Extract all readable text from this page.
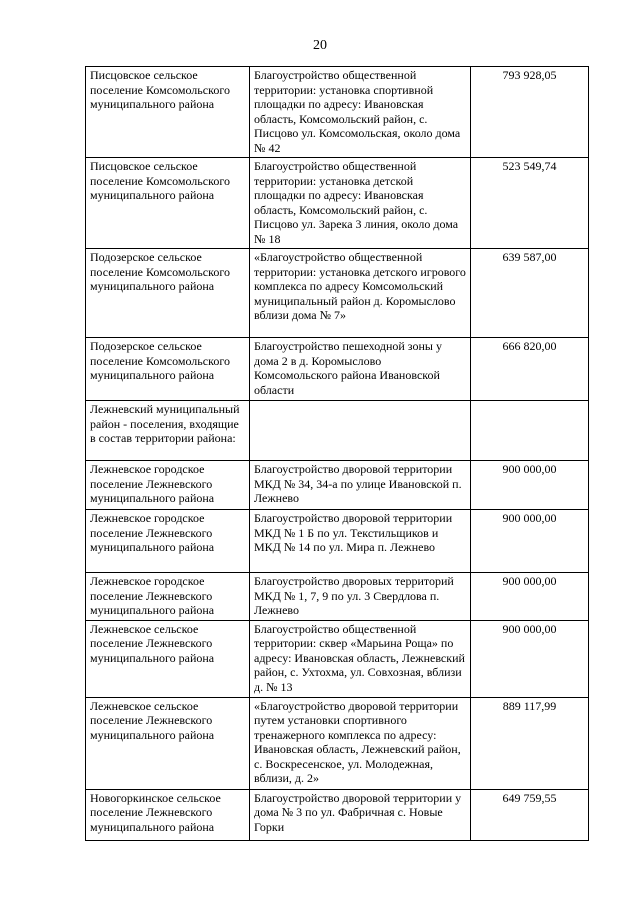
20
Писцовское сельское поселение Комсомольского муниципального района	Благоустройство общественной территории: установка спортивной площадки по адресу: Ивановская область, Комсомольский район, с. Писцово ул. Комсомольская, около дома № 42	793 928,05
Писцовское сельское поселение Комсомольского муниципального района	Благоустройство общественной территории: установка детской площадки по адресу: Ивановская область, Комсомольский район, с. Писцово ул. Зарека 3 линия, около дома № 18	523 549,74
Подозерское сельское поселение Комсомольского муниципального района	«Благоустройство общественной территории: установка детского игрового комплекса по адресу Комсомольский муниципальный район д. Коромыслово вблизи дома № 7»	639 587,00
Подозерское сельское поселение Комсомольского муниципального района	Благоустройство пешеходной зоны у дома 2 в д. Коромыслово Комсомольского района Ивановской области	666 820,00
Лежневский муниципальный район - поселения, входящие в состав территории района:		
Лежневское городское поселение Лежневского муниципального района	Благоустройство дворовой территории МКД № 34, 34-а по улице Ивановской п. Лежнево	900 000,00
Лежневское городское поселение Лежневского муниципального района	Благоустройство дворовой территории МКД № 1 Б по ул. Текстильщиков и МКД № 14 по ул. Мира п. Лежнево	900 000,00
Лежневское городское поселение Лежневского муниципального района	Благоустройство дворовых территорий МКД № 1, 7, 9 по ул. 3 Свердлова п. Лежнево	900 000,00
Лежневское сельское поселение Лежневского муниципального района	Благоустройство общественной территории: сквер «Марьина Роща» по адресу: Ивановская область, Лежневский район, с. Ухтохма, ул. Совхозная, вблизи д. № 13	900 000,00
Лежневское сельское поселение Лежневского муниципального района	«Благоустройство дворовой территории путем установки спортивного тренажерного комплекса по адресу: Ивановская область, Лежневский район, с. Воскресенское, ул. Молодежная, вблизи, д. 2»	889 117,99
Новогоркинское сельское поселение Лежневского муниципального района	Благоустройство дворовой территории у дома № 3 по ул. Фабричная с. Новые Горки	649 759,55
